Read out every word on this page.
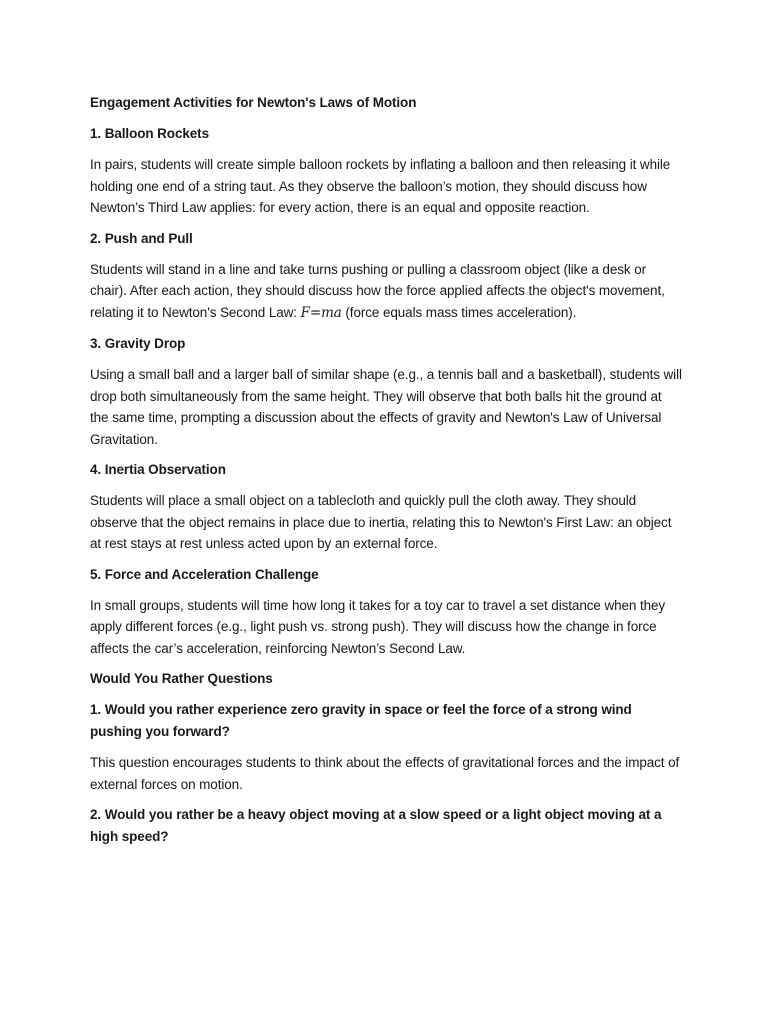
Engagement Activities for Newton's Laws of Motion
1. Balloon Rockets
In pairs, students will create simple balloon rockets by inflating a balloon and then releasing it while holding one end of a string taut. As they observe the balloon’s motion, they should discuss how Newton’s Third Law applies: for every action, there is an equal and opposite reaction.
2. Push and Pull
Students will stand in a line and take turns pushing or pulling a classroom object (like a desk or chair). After each action, they should discuss how the force applied affects the object's movement, relating it to Newton's Second Law: F=ma (force equals mass times acceleration).
3. Gravity Drop
Using a small ball and a larger ball of similar shape (e.g., a tennis ball and a basketball), students will drop both simultaneously from the same height. They will observe that both balls hit the ground at the same time, prompting a discussion about the effects of gravity and Newton's Law of Universal Gravitation.
4. Inertia Observation
Students will place a small object on a tablecloth and quickly pull the cloth away. They should observe that the object remains in place due to inertia, relating this to Newton's First Law: an object at rest stays at rest unless acted upon by an external force.
5. Force and Acceleration Challenge
In small groups, students will time how long it takes for a toy car to travel a set distance when they apply different forces (e.g., light push vs. strong push). They will discuss how the change in force affects the car’s acceleration, reinforcing Newton’s Second Law.
Would You Rather Questions
1. Would you rather experience zero gravity in space or feel the force of a strong wind pushing you forward?
This question encourages students to think about the effects of gravitational forces and the impact of external forces on motion.
2. Would you rather be a heavy object moving at a slow speed or a light object moving at a high speed?
